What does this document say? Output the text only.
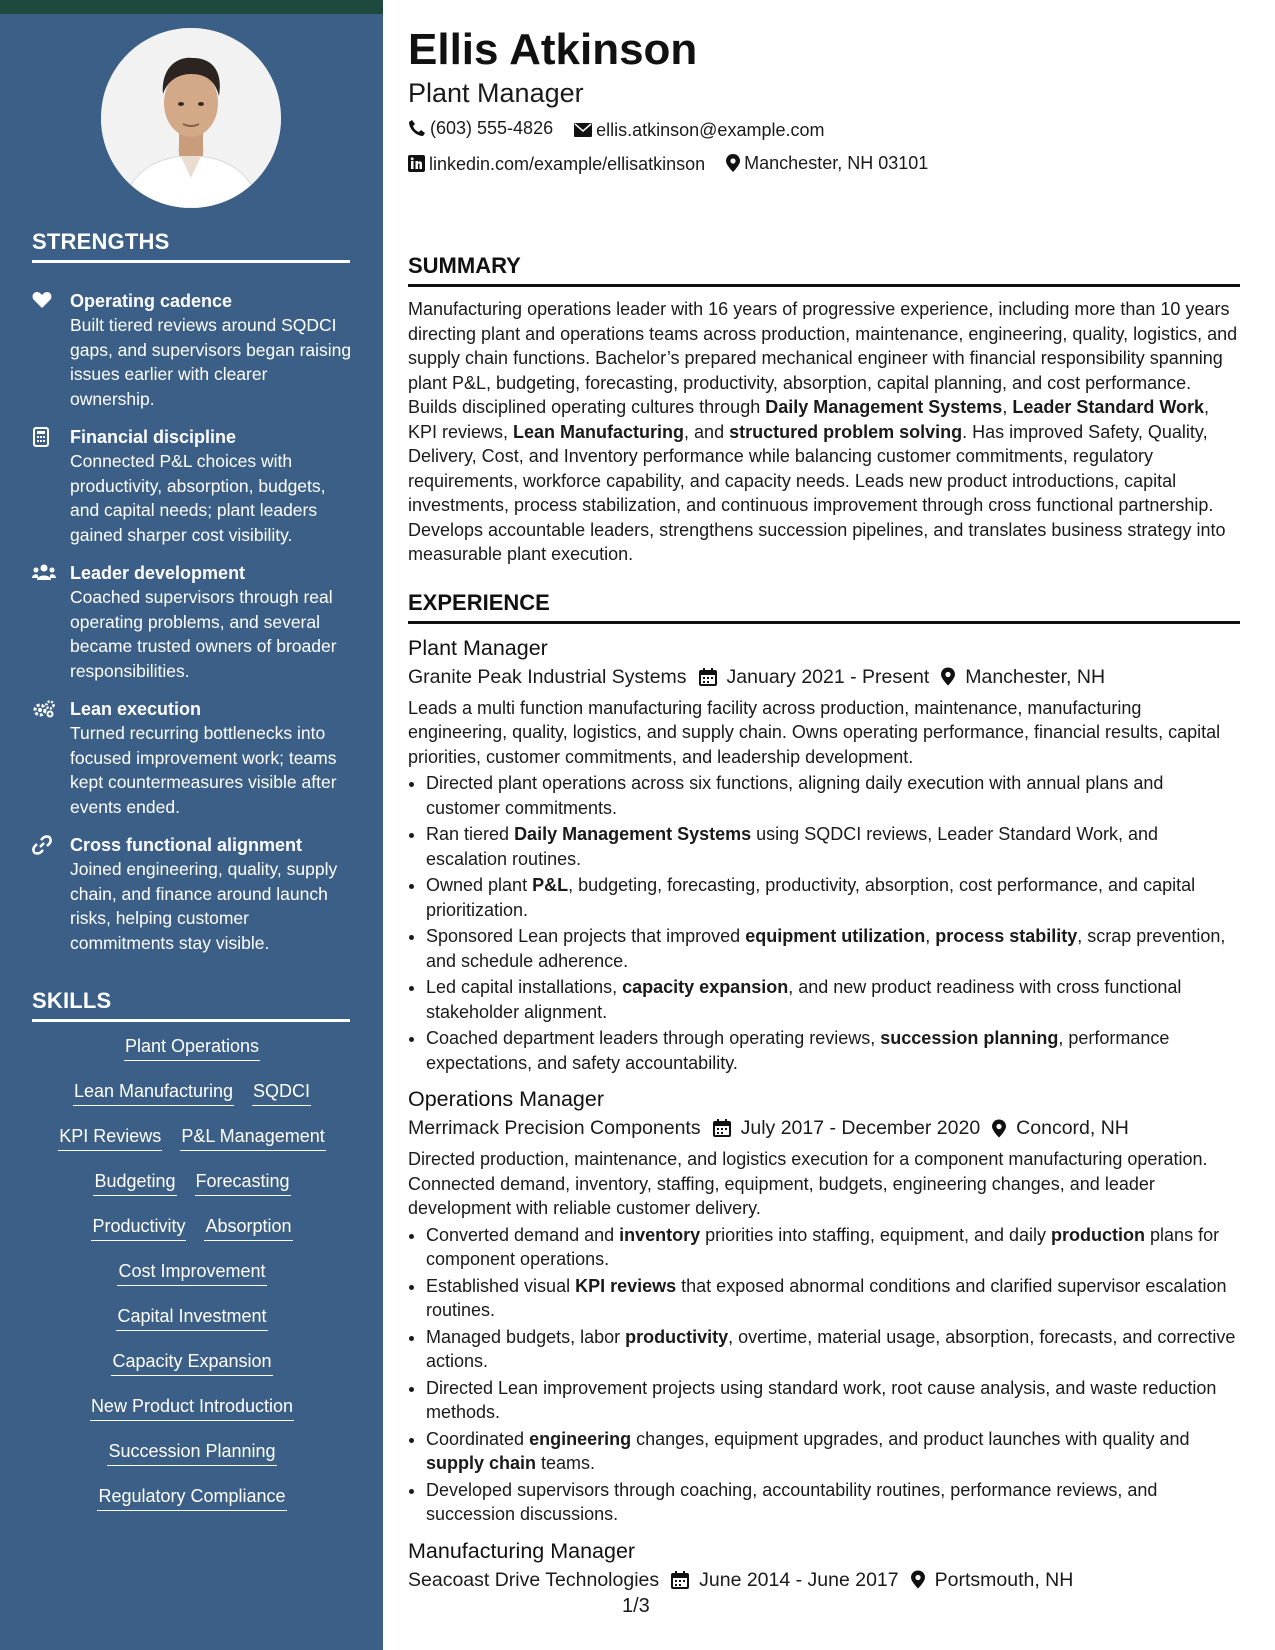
STRENGTHS
Operating cadence
Built tiered reviews around SQDCI gaps, and supervisors began raising issues earlier with clearer ownership.
Financial discipline
Connected P&L choices with productivity, absorption, budgets, and capital needs; plant leaders gained sharper cost visibility.
Leader development
Coached supervisors through real operating problems, and several became trusted owners of broader responsibilities.
Lean execution
Turned recurring bottlenecks into focused improvement work; teams kept countermeasures visible after events ended.
Cross functional alignment
Joined engineering, quality, supply chain, and finance around launch risks, helping customer commitments stay visible.
SKILLS
Plant Operations
Lean Manufacturing SQDCI
KPI Reviews P&L Management
Budgeting Forecasting
Productivity Absorption
Cost Improvement
Capital Investment
Capacity Expansion
New Product Introduction
Succession Planning
Regulatory Compliance
Ellis Atkinson
Plant Manager
(603) 555-4826
ellis.atkinson@example.com
linkedin.com/example/ellisatkinson
Manchester, NH 03101
SUMMARY
Manufacturing operations leader with 16 years of progressive experience, including more than 10 years directing plant and operations teams across production, maintenance, engineering, quality, logistics, and supply chain functions. Bachelor’s prepared mechanical engineer with financial responsibility spanning plant P&L, budgeting, forecasting, productivity, absorption, capital planning, and cost performance. Builds disciplined operating cultures through Daily Management Systems, Leader Standard Work, KPI reviews, Lean Manufacturing, and structured problem solving. Has improved Safety, Quality, Delivery, Cost, and Inventory performance while balancing customer commitments, regulatory requirements, workforce capability, and capacity needs. Leads new product introductions, capital investments, process stabilization, and continuous improvement through cross functional partnership. Develops accountable leaders, strengthens succession pipelines, and translates business strategy into measurable plant execution.
EXPERIENCE
Plant Manager
Granite Peak Industrial Systems January 2021 - Present Manchester, NH
Leads a multi function manufacturing facility across production, maintenance, manufacturing engineering, quality, logistics, and supply chain. Owns operating performance, financial results, capital priorities, customer commitments, and leadership development.
• Directed plant operations across six functions, aligning daily execution with annual plans and customer commitments.
• Ran tiered Daily Management Systems using SQDCI reviews, Leader Standard Work, and escalation routines.
• Owned plant P&L, budgeting, forecasting, productivity, absorption, cost performance, and capital prioritization.
• Sponsored Lean projects that improved equipment utilization, process stability, scrap prevention, and schedule adherence.
• Led capital installations, capacity expansion, and new product readiness with cross functional stakeholder alignment.
• Coached department leaders through operating reviews, succession planning, performance expectations, and safety accountability.
Operations Manager
Merrimack Precision Components July 2017 - December 2020 Concord, NH
Directed production, maintenance, and logistics execution for a component manufacturing operation. Connected demand, inventory, staffing, equipment, budgets, engineering changes, and leader development with reliable customer delivery.
• Converted demand and inventory priorities into staffing, equipment, and daily production plans for component operations.
• Established visual KPI reviews that exposed abnormal conditions and clarified supervisor escalation routines.
• Managed budgets, labor productivity, overtime, material usage, absorption, forecasts, and corrective actions.
• Directed Lean improvement projects using standard work, root cause analysis, and waste reduction methods.
• Coordinated engineering changes, equipment upgrades, and product launches with quality and supply chain teams.
• Developed supervisors through coaching, accountability routines, performance reviews, and succession discussions.
Manufacturing Manager
Seacoast Drive Technologies June 2014 - June 2017 Portsmouth, NH
1/3
